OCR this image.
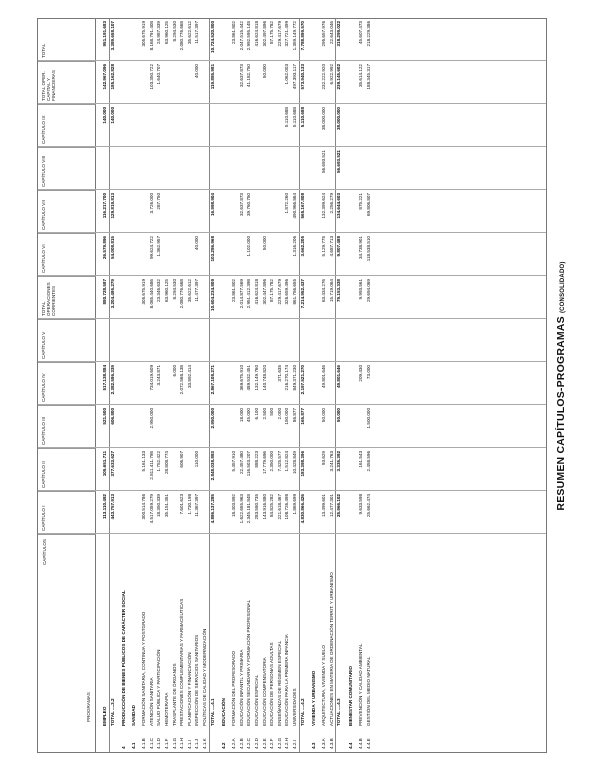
RESUMEN CAPÍTULOS-PROGRAMAS (CONSOLIDADO)
CAPÍTULOS
PROGRAMAS
CAPÍTULO I
CAPÍTULO II
CAPÍTULO III
CAPÍTULO IV
CAPÍTULO V
TOTAL OPERACIONES CORRIENTES
CAPÍTULO VI
CAPÍTULO VII
CAPÍTULO VIII
CAPÍTULO IX
TOTAL OPER. CAPITAL Y FINANCIERAS
TOTAL
EMPLEO
113.110.492
105.651.711
521.500
517.138.884
880.728.587
26.579.896
116.217.700
140.000
142.967.096
951.191.683
TOTAL ....3.2
443.757.913
377.633.627
606.800
2.382.586.339
3.204.495.279
54.008.815
129.819.813
140.000
185.162.828
3.389.658.107
4
PRODUCCIÓN DE BIENES PÚBLICOS DE CARÁCTER SOCIAL
4.1
SANIDAD
4.1.B
FORMACIÓN SANITARIA, CONTINUA Y POSTGRADO
300.514.786
5.161.133
305.675.919
305.675.919
4.1.C
ATENCIÓN SANITARIA
4.517.059.279
2.811.411.798
2.950.000
734.019.609
8.065.440.686
99.624.722
3.726.000
103.350.722
8.168.791.408
4.1.D
SALUD PÚBLICA Y PARTICIPACIÓN
18.350.339
1.752.422
3.243.871
23.346.632
1.362.957
287.750
1.640.707
24.987.339
4.1.F
HEMOTERAPIA
35.151.351
28.808.774
63.960.125
63.960.125
4.1.G
TRASPLANTE DE ÓRGANOS
6.000
8.294.530
8.294.530
4.1.H
PRESTACIONES COMPLEMENTARIAS Y FARMACÉUTICAS
7.601.623
606.907
2.072.568.138
2.080.776.668
2.080.776.668
4.1.I
PLANIFICACIÓN Y FINANCIACIÓN
1.730.198
33.892.414
35.622.612
35.622.612
4.1.J
INSPECCIÓN DE SERVICIOS SANITARIOS
11.367.397
110.000
11.477.397
40.000
40.000
11.517.397
4.1.K
POLÍTICAS DE CALIDAD Y MODERNIZACIÓN TOTAL ....4.1
4.886.137.285
2.848.038.893
2.950.000
2.867.108.271
10.604.234.809
103.286.968
16.998.904
119.885.981
10.724.520.800
4.2
EDUCACIÓN
4.2.A
FORMACIÓN DEL PROFESORADO
18.403.892
5.457.910
23.861.802
23.861.802
4.2.B
EDUCACIÓN INFANTIL Y PRIMARIA
1.622.655.963
22.457.480
18.000
369.675.910
2.014.877.569
32.637.873
32.637.873
2.047.515.442
4.2.C
EDUCACIÓN SECUNDARIA Y FORMACIÓN PROFESIONAL
2.345.181.848
116.503.207
45.000
489.532.451
2.951.412.398
1.102.000
39.760.750
41.182.750
2.992.595.148
4.2.D
EDUCACIÓN ESPECIAL
283.580.735
888.223
6.100
132.149.760
416.624.818
416.624.818
4.2.E
EDUCACIÓN COMPENSATORIA
143.916.880
17.779.696
2.500
140.748.820
302.447.896
50.000
50.000
302.497.896
4.2.F
EDUCACIÓN DE PERSONAS ADULTAS
84.825.282
2.350.000
500
87.175.782
87.175.782
4.2.G
ENSEÑANZAS DE RÉGIMEN ESPECIAL
221.618.467
7.425.577
2.000
371.635
229.417.679
229.417.679
4.2.H
EDUCACIÓN PARA LA PRIMERA INFANCIA
108.726.498
1.512.824
150.000
216.270.174
326.659.496
1.872.260
5.110.688
1.062.003
327.721.499
4.2.I
UNIVERSIDADES
1.869.699
10.428.849
86.877
849.371.230
861.756.655
1.316.206
490.966.864
5.110.688
497.393.117
1.359.149.772
TOTAL ....4.2
4.830.866.426
183.398.396
165.877
2.197.521.270
7.214.952.437
3.662.205
565.167.808
5.110.688
573.940.133
7.788.899.570
4.3
VIVIENDA Y URBANISMO
4.3.A
ARQUITECTURA, VIVIENDA Y SUELO
13.499.601
93.629
50.000
49.801.646
63.434.276
5.129.775
132.399.624
56.693.521
38.000.000
232.222.920
295.657.976
4.3.B
ACTUACIONES EN MATERIA DE ORDENACIÓN TERRIT. Y URBANISMO
12.477.301
3.241.763
15.719.064
4.687.713
2.256.279
6.922.992
22.643.046
TOTAL ....4.3
25.966.102
3.335.392
50.000
49.801.646
79.153.338
9.807.488
134.644.603
56.693.521
38.000.000
239.145.602
318.299.022
4.4
BIENESTAR COMUNITARIO
4.4.B
PREVENCIÓN Y CALIDAD AMBIENTAL
9.633.598
161.543
209.430
9.993.561
34.738.901
875.221
35.614.122
45.607.473
4.4.E
GESTIÓN DEL MEDIO NATURAL
25.662.474
2.458.596
1.500.000
73.000
29.694.069
118.538.510
69.806.807
188.345.317
218.229.386
